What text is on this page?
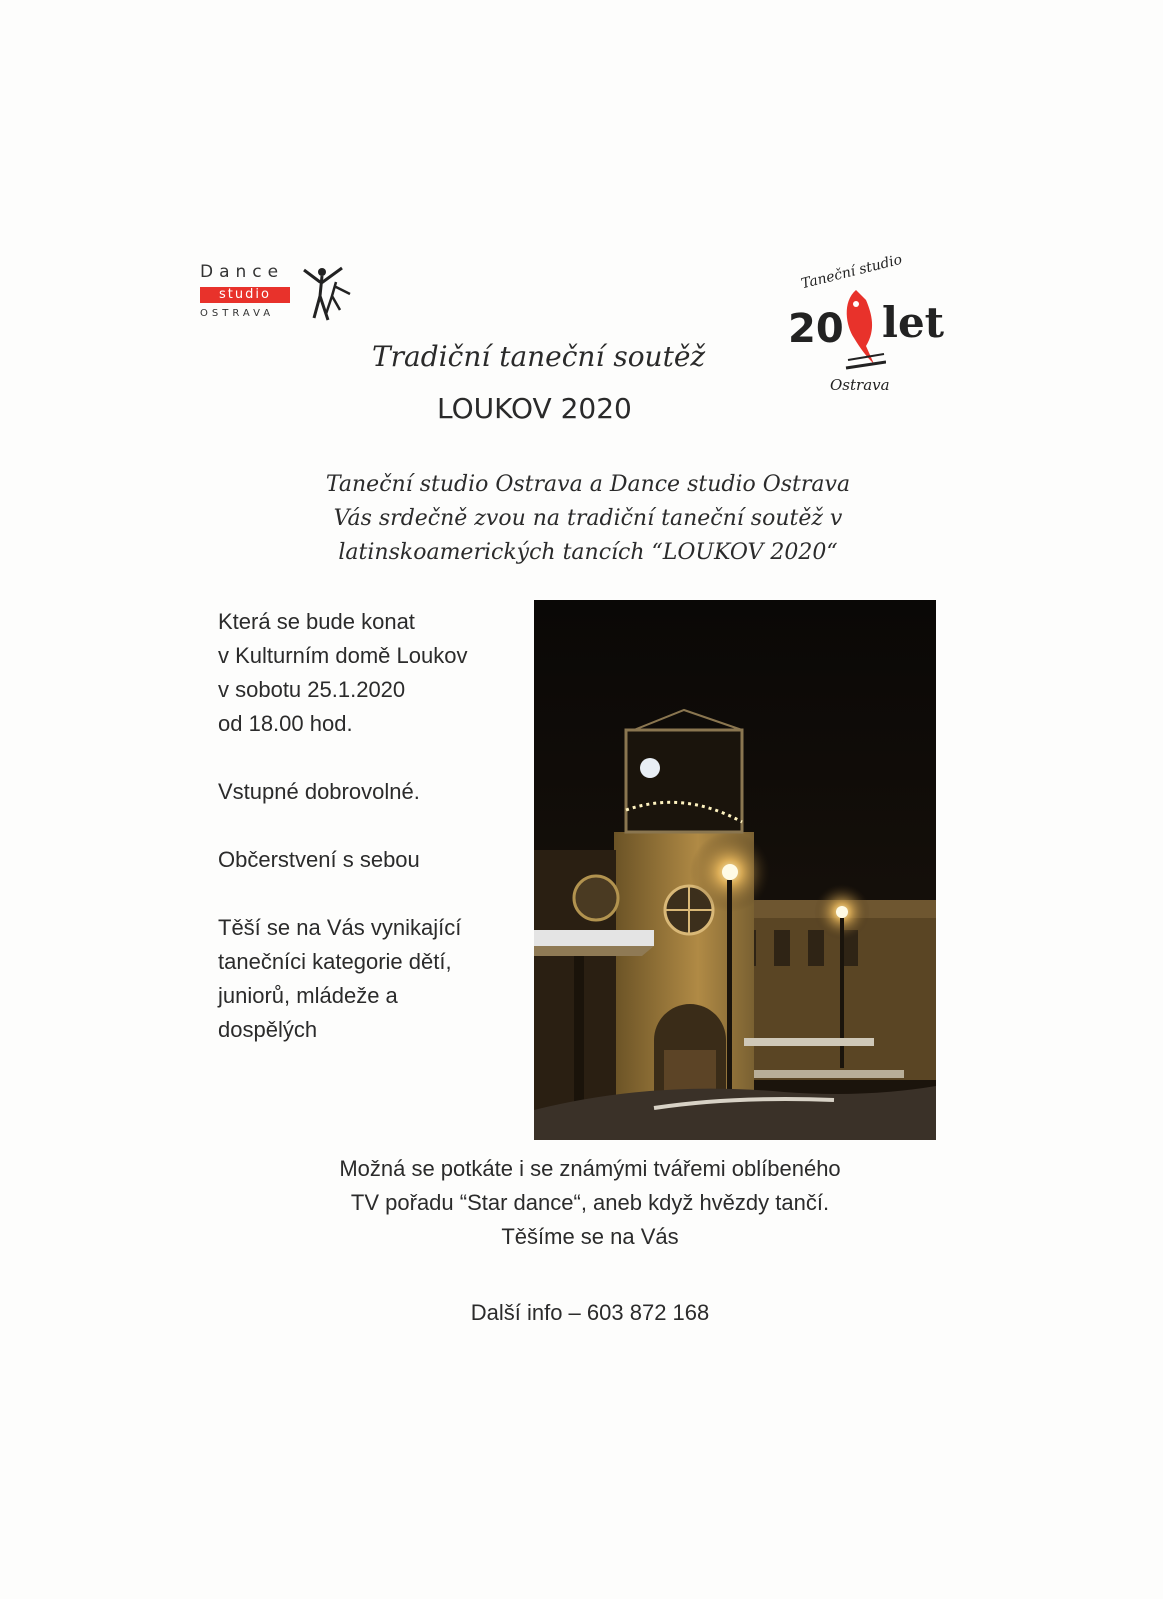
Dance
studio
OSTRAVA
Taneční studio
20 let
Ostrava
Tradiční taneční soutěž
LOUKOV 2020
Taneční studio Ostrava a Dance studio Ostrava
Vás srdečně zvou na tradiční taneční soutěž v
latinskoamerických tancích “LOUKOV 2020“
Která se bude konat
v Kulturním domě Loukov
v sobotu 25.1.2020
od 18.00 hod.
Vstupné dobrovolné.
Občerstvení s sebou
Těší se na Vás vynikající
tanečníci kategorie dětí,
juniorů, mládeže a
dospělých
Možná se potkáte i se známými tvářemi oblíbeného
TV pořadu “Star dance“, aneb když hvězdy tančí.
Těšíme se na Vás
Další info – 603 872 168
